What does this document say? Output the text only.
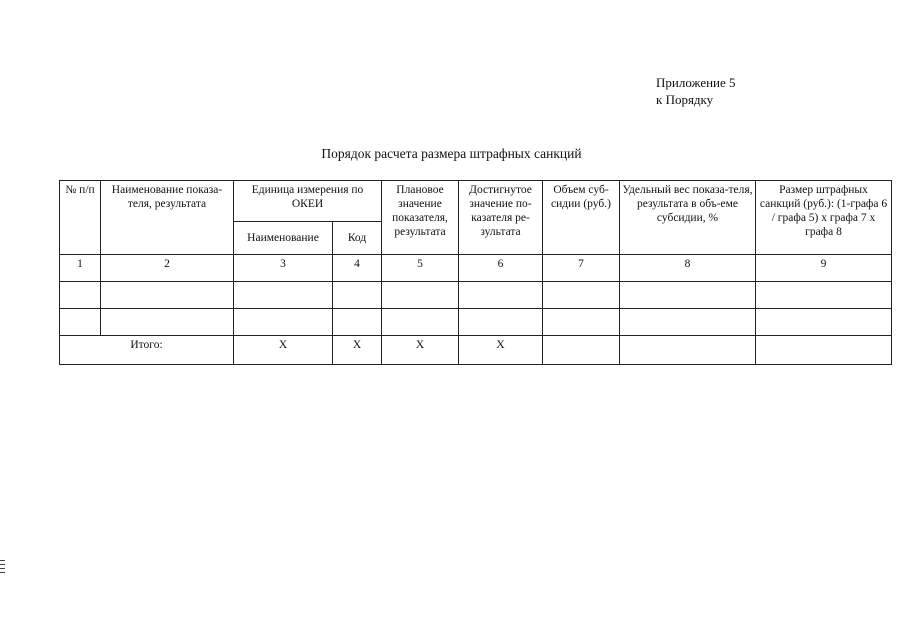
Приложение 5
к Порядку
Порядок расчета размера штрафных санкций
№ п/п	Наименование показа-теля, результата	Единица измерения по ОКЕИ		Плановое значение показателя, результата	Достигнутое значение по-казателя ре-зультата	Объем суб-сидии (руб.)	Удельный вес показа-теля, результата в объ-еме субсидии, %	Размер штрафных санкций (руб.): (1-графа 6 / графа 5) x графа 7 x графа 8
		Наименование	Код					
1	2	3	4	5	6	7	8	9

Итого:		X	X	X	X			
